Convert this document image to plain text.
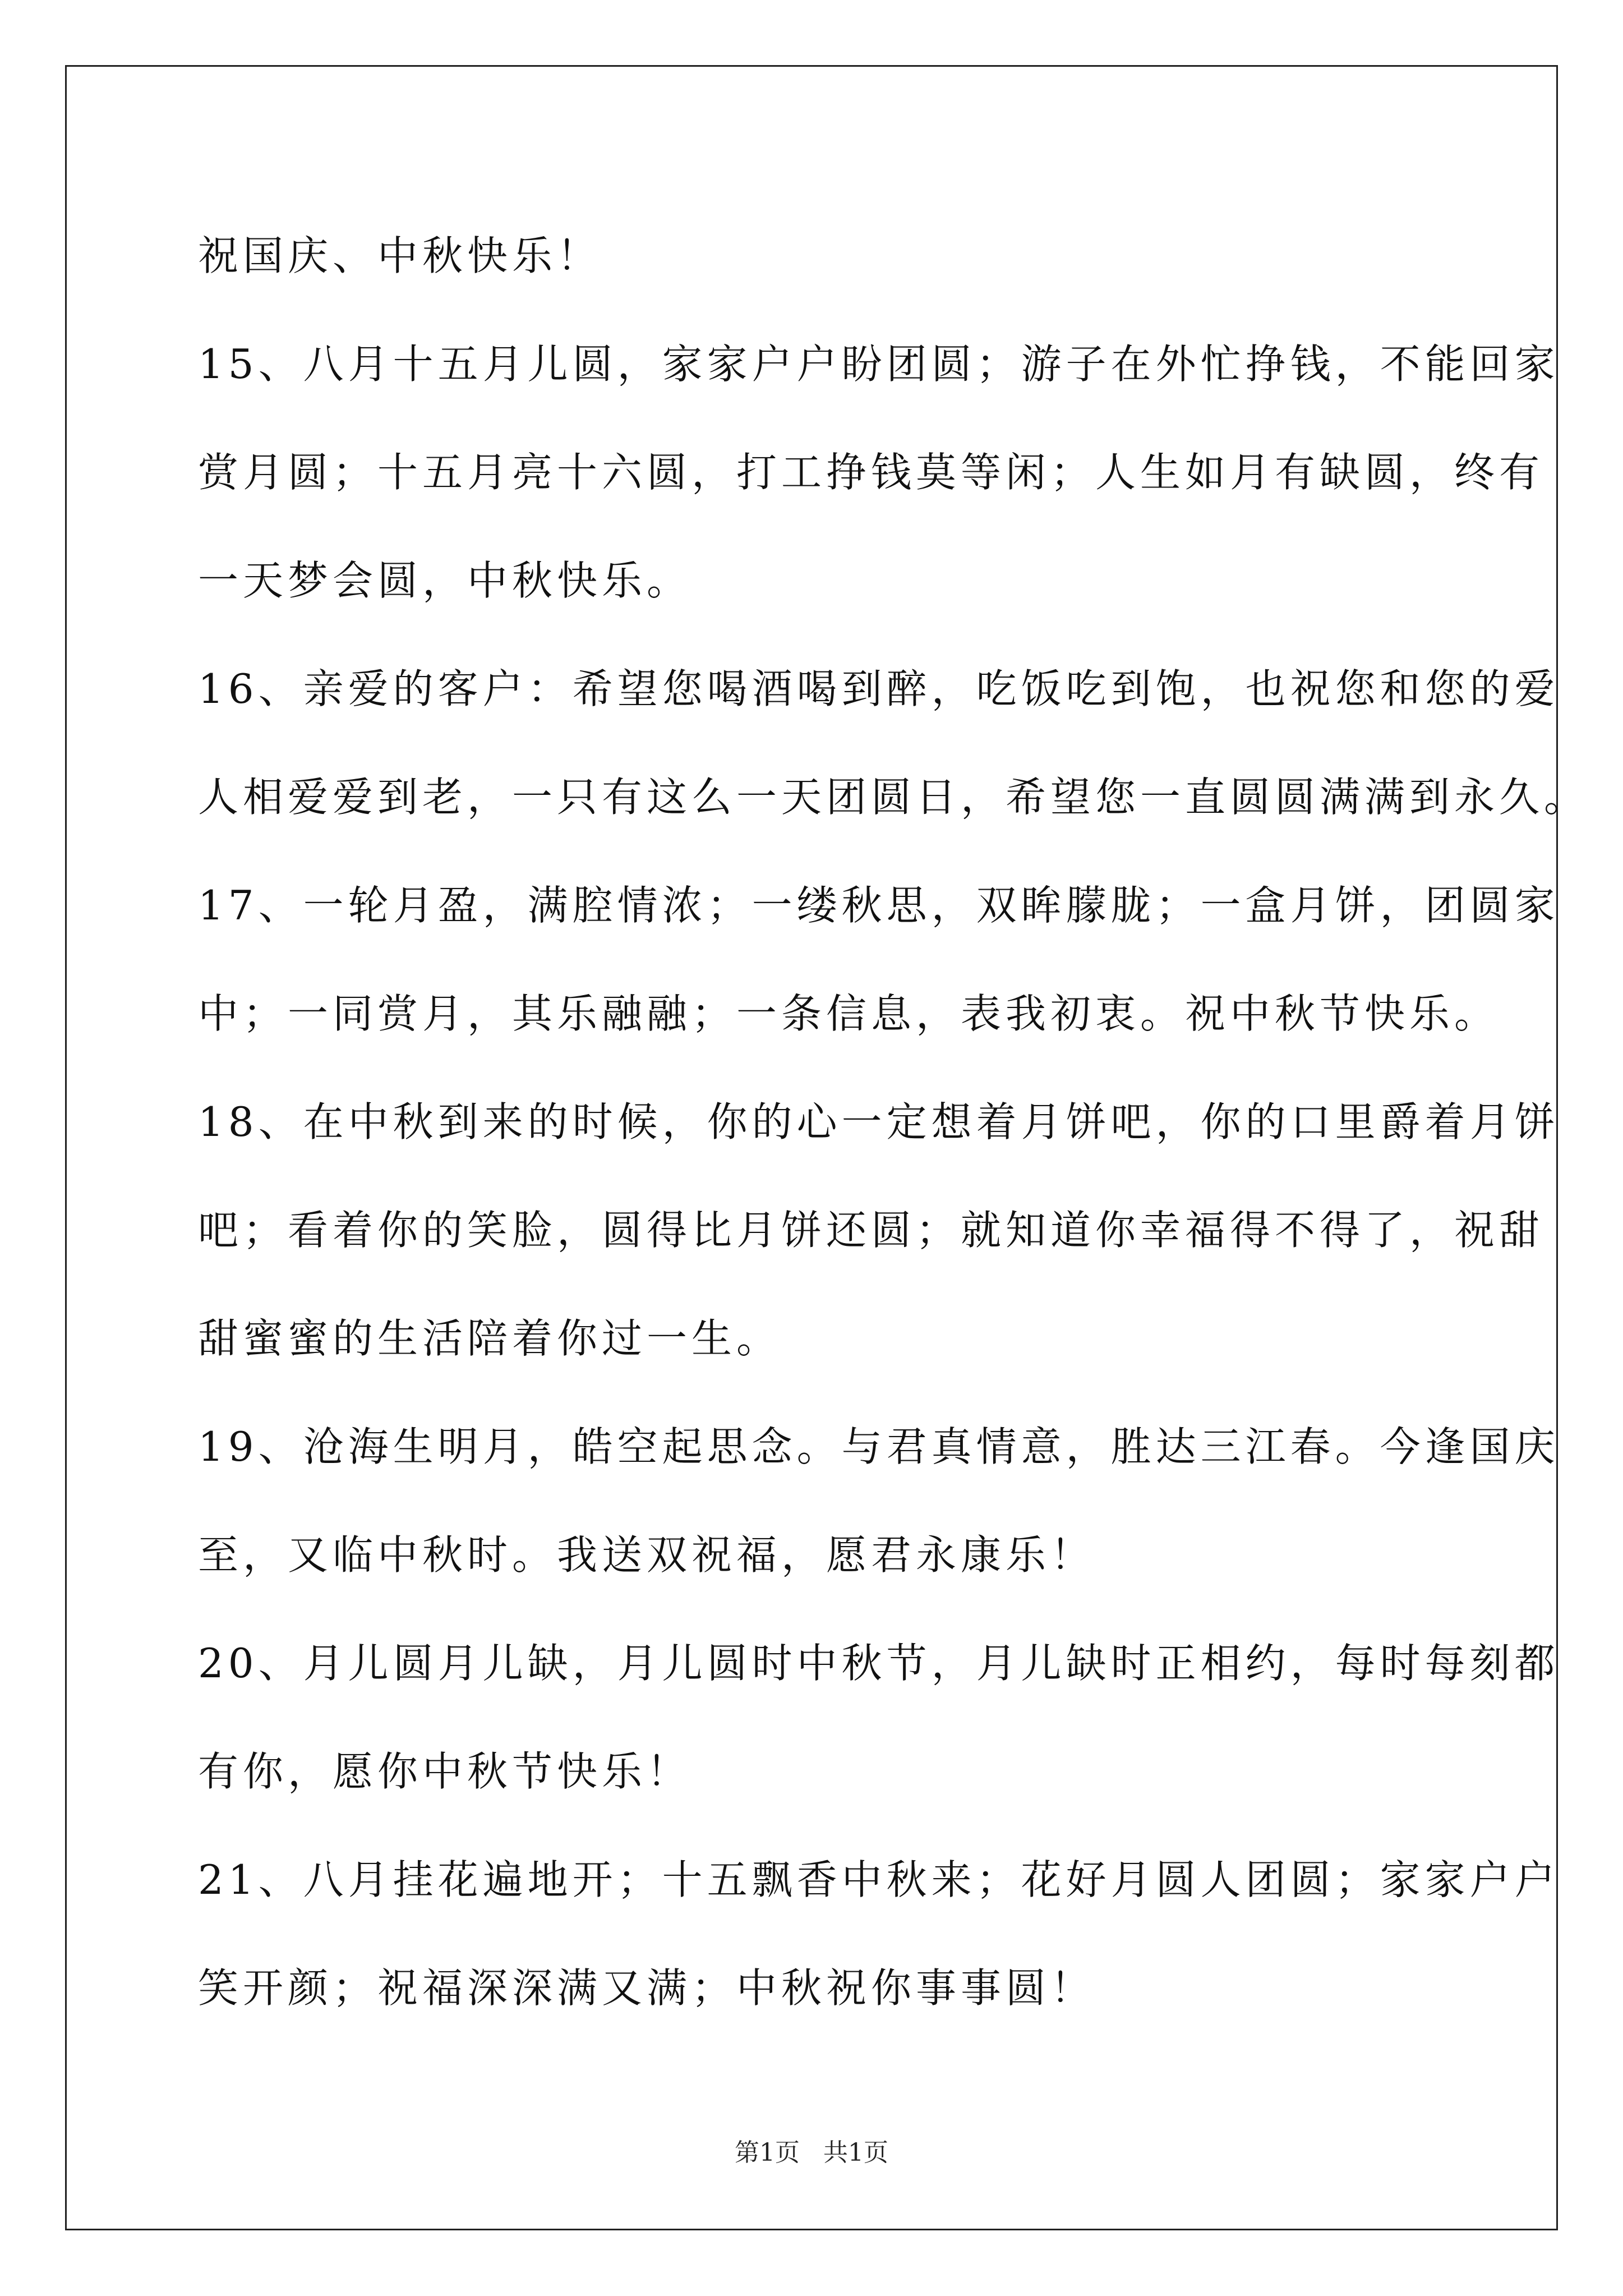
祝国庆、中秋快乐！

15、八月十五月儿圆，家家户户盼团圆；游子在外忙挣钱，不能回家

赏月圆；十五月亮十六圆，打工挣钱莫等闲；人生如月有缺圆，终有

一天梦会圆，中秋快乐。

16、亲爱的客户：希望您喝酒喝到醉，吃饭吃到饱，也祝您和您的爱

人相爱爱到老，一只有这么一天团圆日，希望您一直圆圆满满到永久。

17、一轮月盈，满腔情浓；一缕秋思，双眸朦胧；一盒月饼，团圆家

中；一同赏月，其乐融融；一条信息，表我初衷。祝中秋节快乐。

18、在中秋到来的时候，你的心一定想着月饼吧，你的口里爵着月饼

吧；看着你的笑脸，圆得比月饼还圆；就知道你幸福得不得了，祝甜

甜蜜蜜的生活陪着你过一生。

19、沧海生明月，皓空起思念。与君真情意，胜达三江春。今逢国庆

至，又临中秋时。我送双祝福，愿君永康乐！

20、月儿圆月儿缺，月儿圆时中秋节，月儿缺时正相约，每时每刻都

有你，愿你中秋节快乐！

21、八月挂花遍地开；十五飘香中秋来；花好月圆人团圆；家家户户

笑开颜；祝福深深满又满；中秋祝你事事圆！

第1页 共1页
